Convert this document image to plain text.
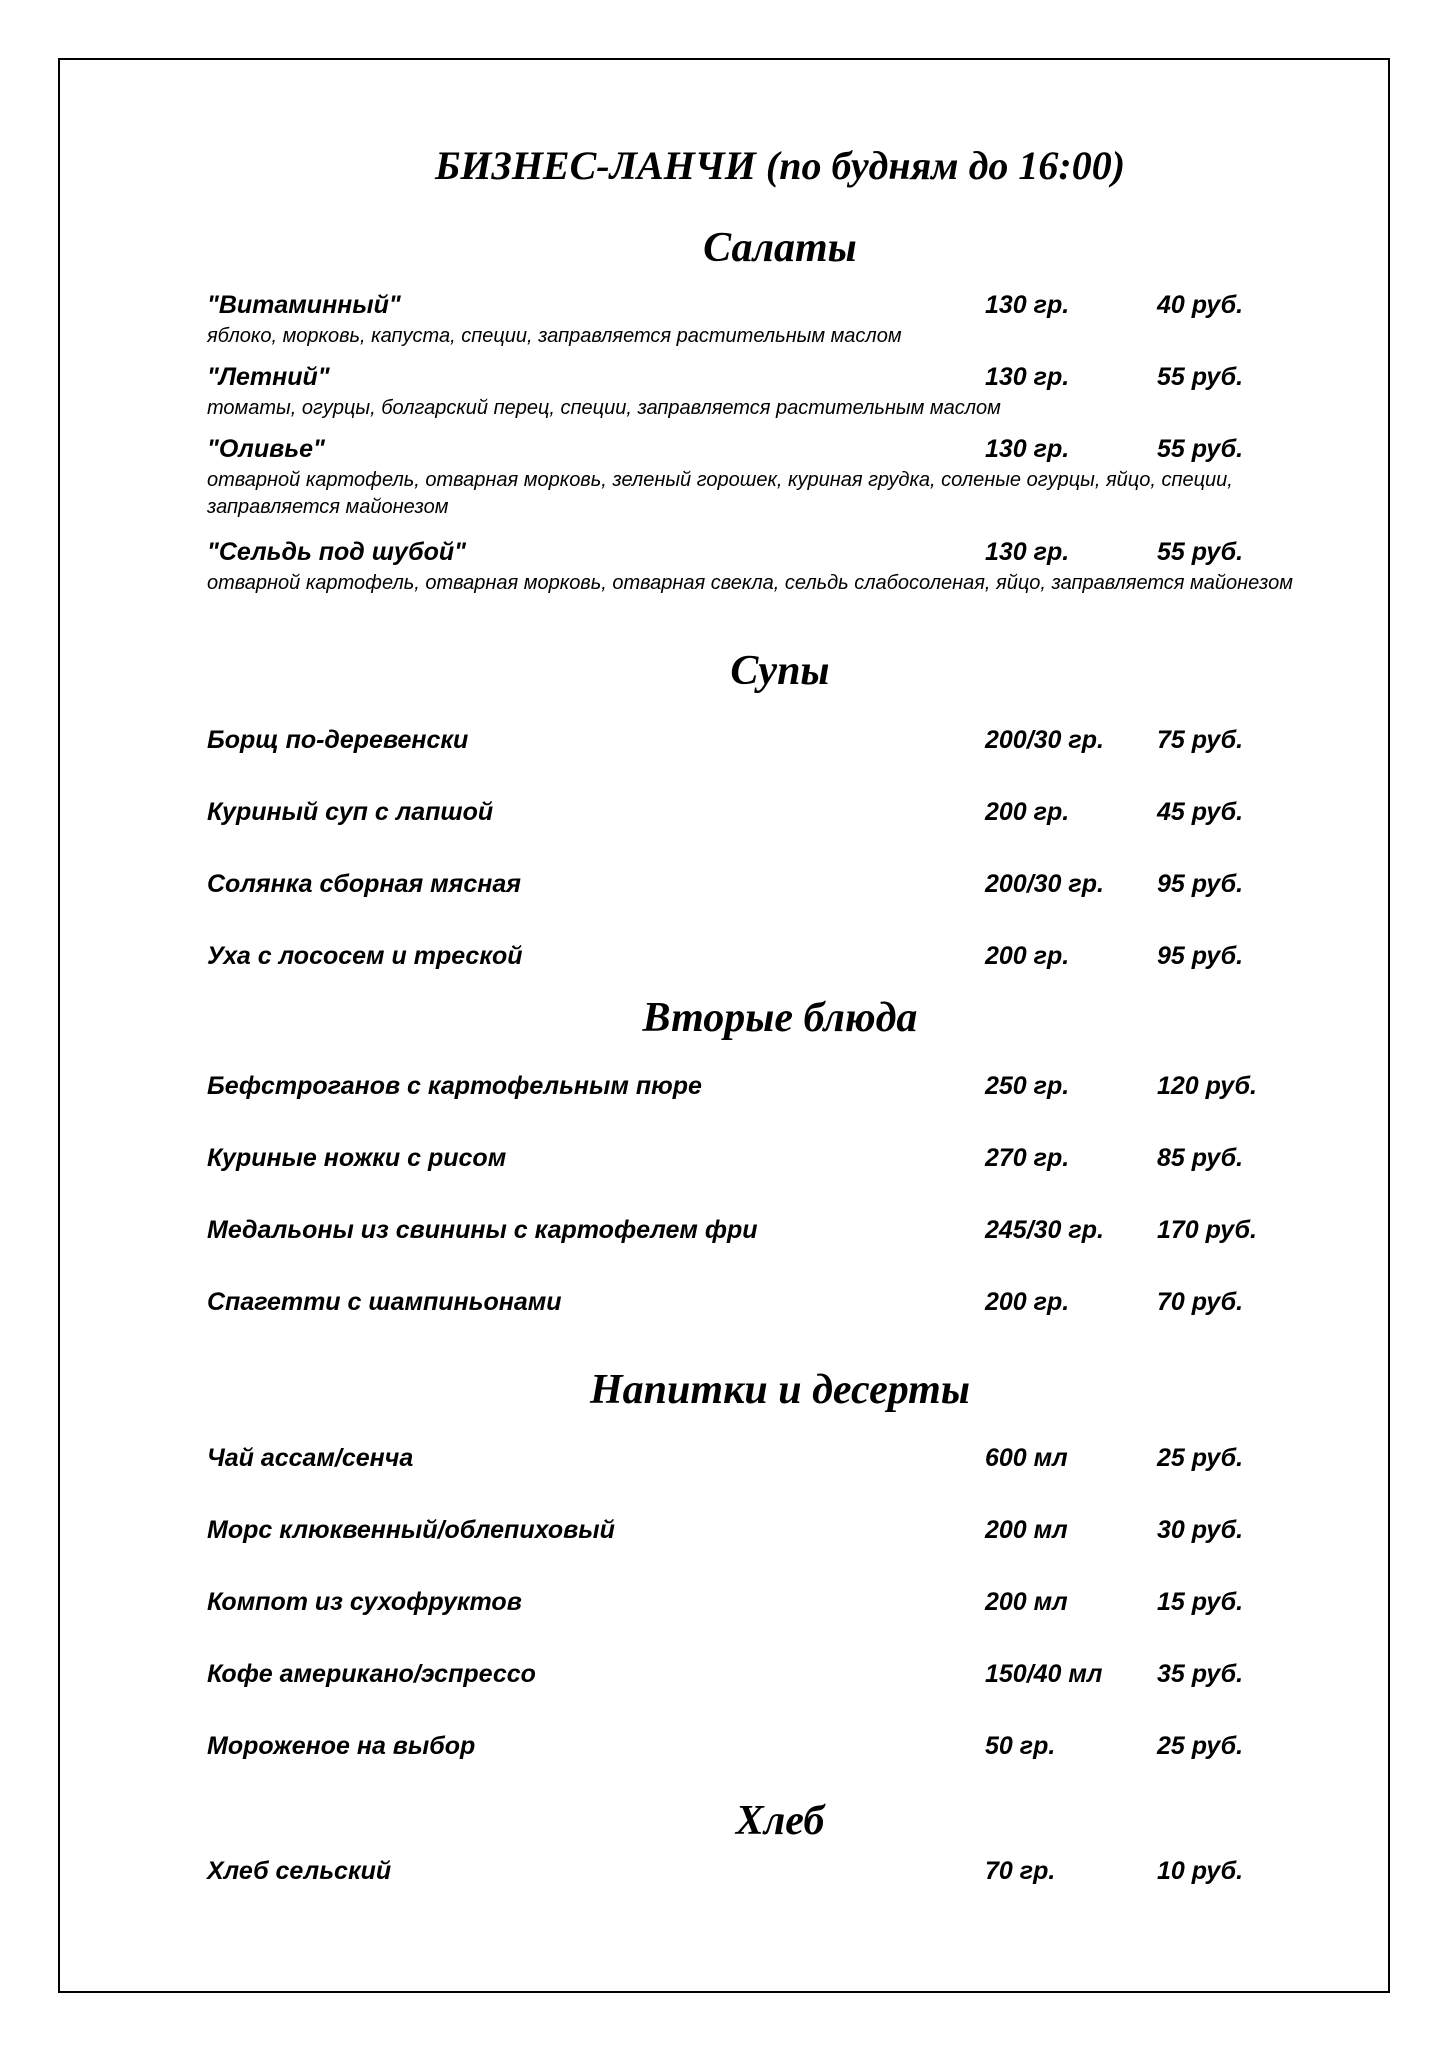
БИЗНЕС-ЛАНЧИ (по будням до 16:00)
Салаты
"Витаминный"	130 гр.	40 руб.

яблоко, морковь, капуста, специи, заправляется растительным маслом

"Летний"	130 гр.	55 руб.

томаты, огурцы, болгарский перец, специи, заправляется растительным маслом

"Оливье"	130 гр.	55 руб.

отварной картофель, отварная морковь, зеленый горошек, куриная грудка, соленые огурцы, яйцо, специи, заправляется майонезом

"Сельдь под шубой"	130 гр.	55 руб.

отварной картофель, отварная морковь, отварная свекла, сельдь слабосоленая, яйцо, заправляется майонезом

Супы
Борщ по-деревенски	200/30 гр. 75 руб.
Куриный суп с лапшой	200 гр.	45 руб.
Солянка сборная мясная	200/30 гр. 95 руб.
Уха с лососем и треской	200 гр.	95 руб.
Вторые блюда
Бефстроганов с картофельным пюре	250 гр.	120 руб.
Куриные ножки с рисом	270 гр.	85 руб.
Медальоны из свинины с картофелем фри	245/30 гр. 170 руб.
Спагетти с шампиньонами	200 гр.	70 руб.
Напитки и десерты
Чай ассам/сенча	600 мл	25 руб.
Морс клюквенный/облепиховый	200 мл	30 руб.
Компот из сухофруктов	200 мл	15 руб.
Кофе американо/эспрессо	150/40 мл 35 руб.
Мороженое на выбор	50 гр.	25 руб.
Хлеб
Хлеб сельский	70 гр.	10 руб.
